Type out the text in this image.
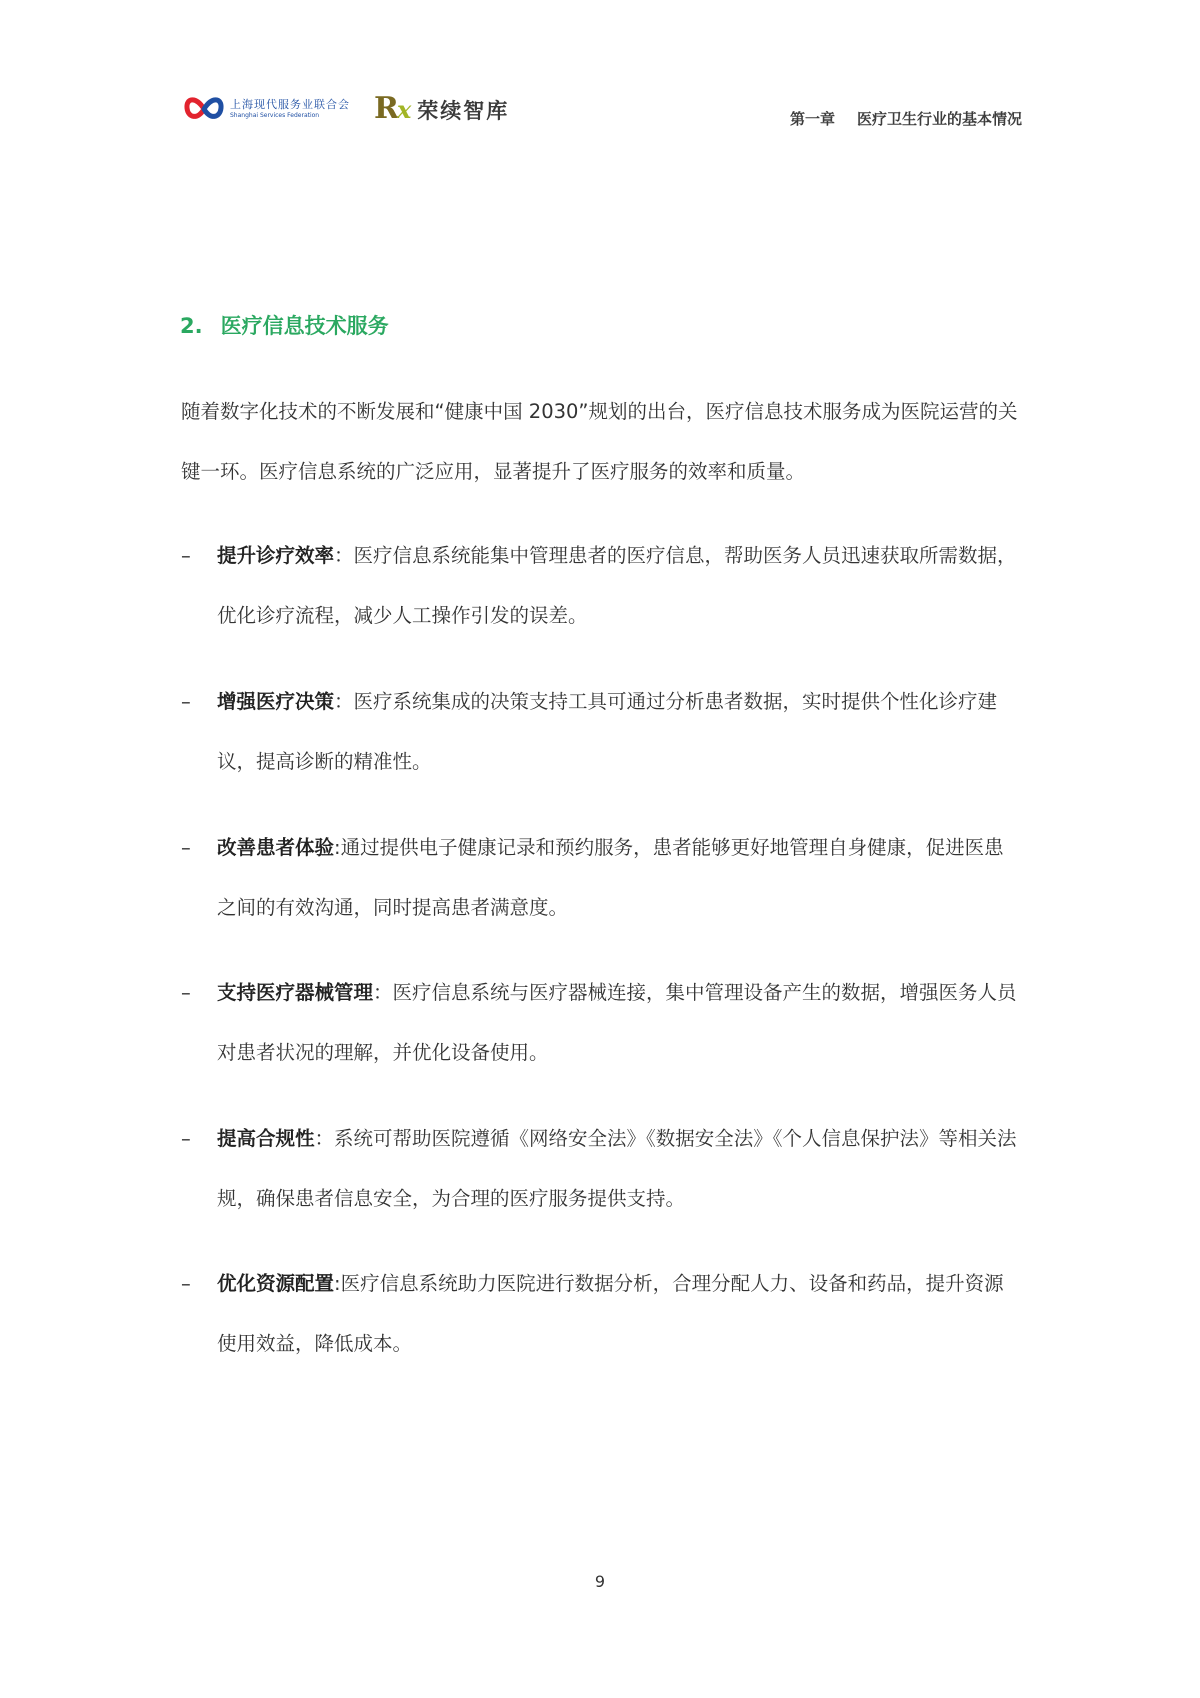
上海现代服务业联合会
Shanghai Services Federation	Rx 荣续智库	第一章 医疗卫生行业的基本情况
2. 医疗信息技术服务
随着数字化技术的不断发展和“健康中国 2030”规划的出台，医疗信息技术服务成为医院运营的关键一环。医疗信息系统的广泛应用，显著提升了医疗服务的效率和质量。
– 提升诊疗效率：医疗信息系统能集中管理患者的医疗信息，帮助医务人员迅速获取所需数据，优化诊疗流程，减少人工操作引发的误差。
– 增强医疗决策：医疗系统集成的决策支持工具可通过分析患者数据，实时提供个性化诊疗建议，提高诊断的精准性。
– 改善患者体验:通过提供电子健康记录和预约服务，患者能够更好地管理自身健康，促进医患之间的有效沟通，同时提高患者满意度。
– 支持医疗器械管理：医疗信息系统与医疗器械连接，集中管理设备产生的数据，增强医务人员对患者状况的理解，并优化设备使用。
– 提高合规性：系统可帮助医院遵循《网络安全法》《数据安全法》《个人信息保护法》等相关法规，确保患者信息安全，为合理的医疗服务提供支持。
– 优化资源配置:医疗信息系统助力医院进行数据分析，合理分配人力、设备和药品，提升资源使用效益，降低成本。
9
